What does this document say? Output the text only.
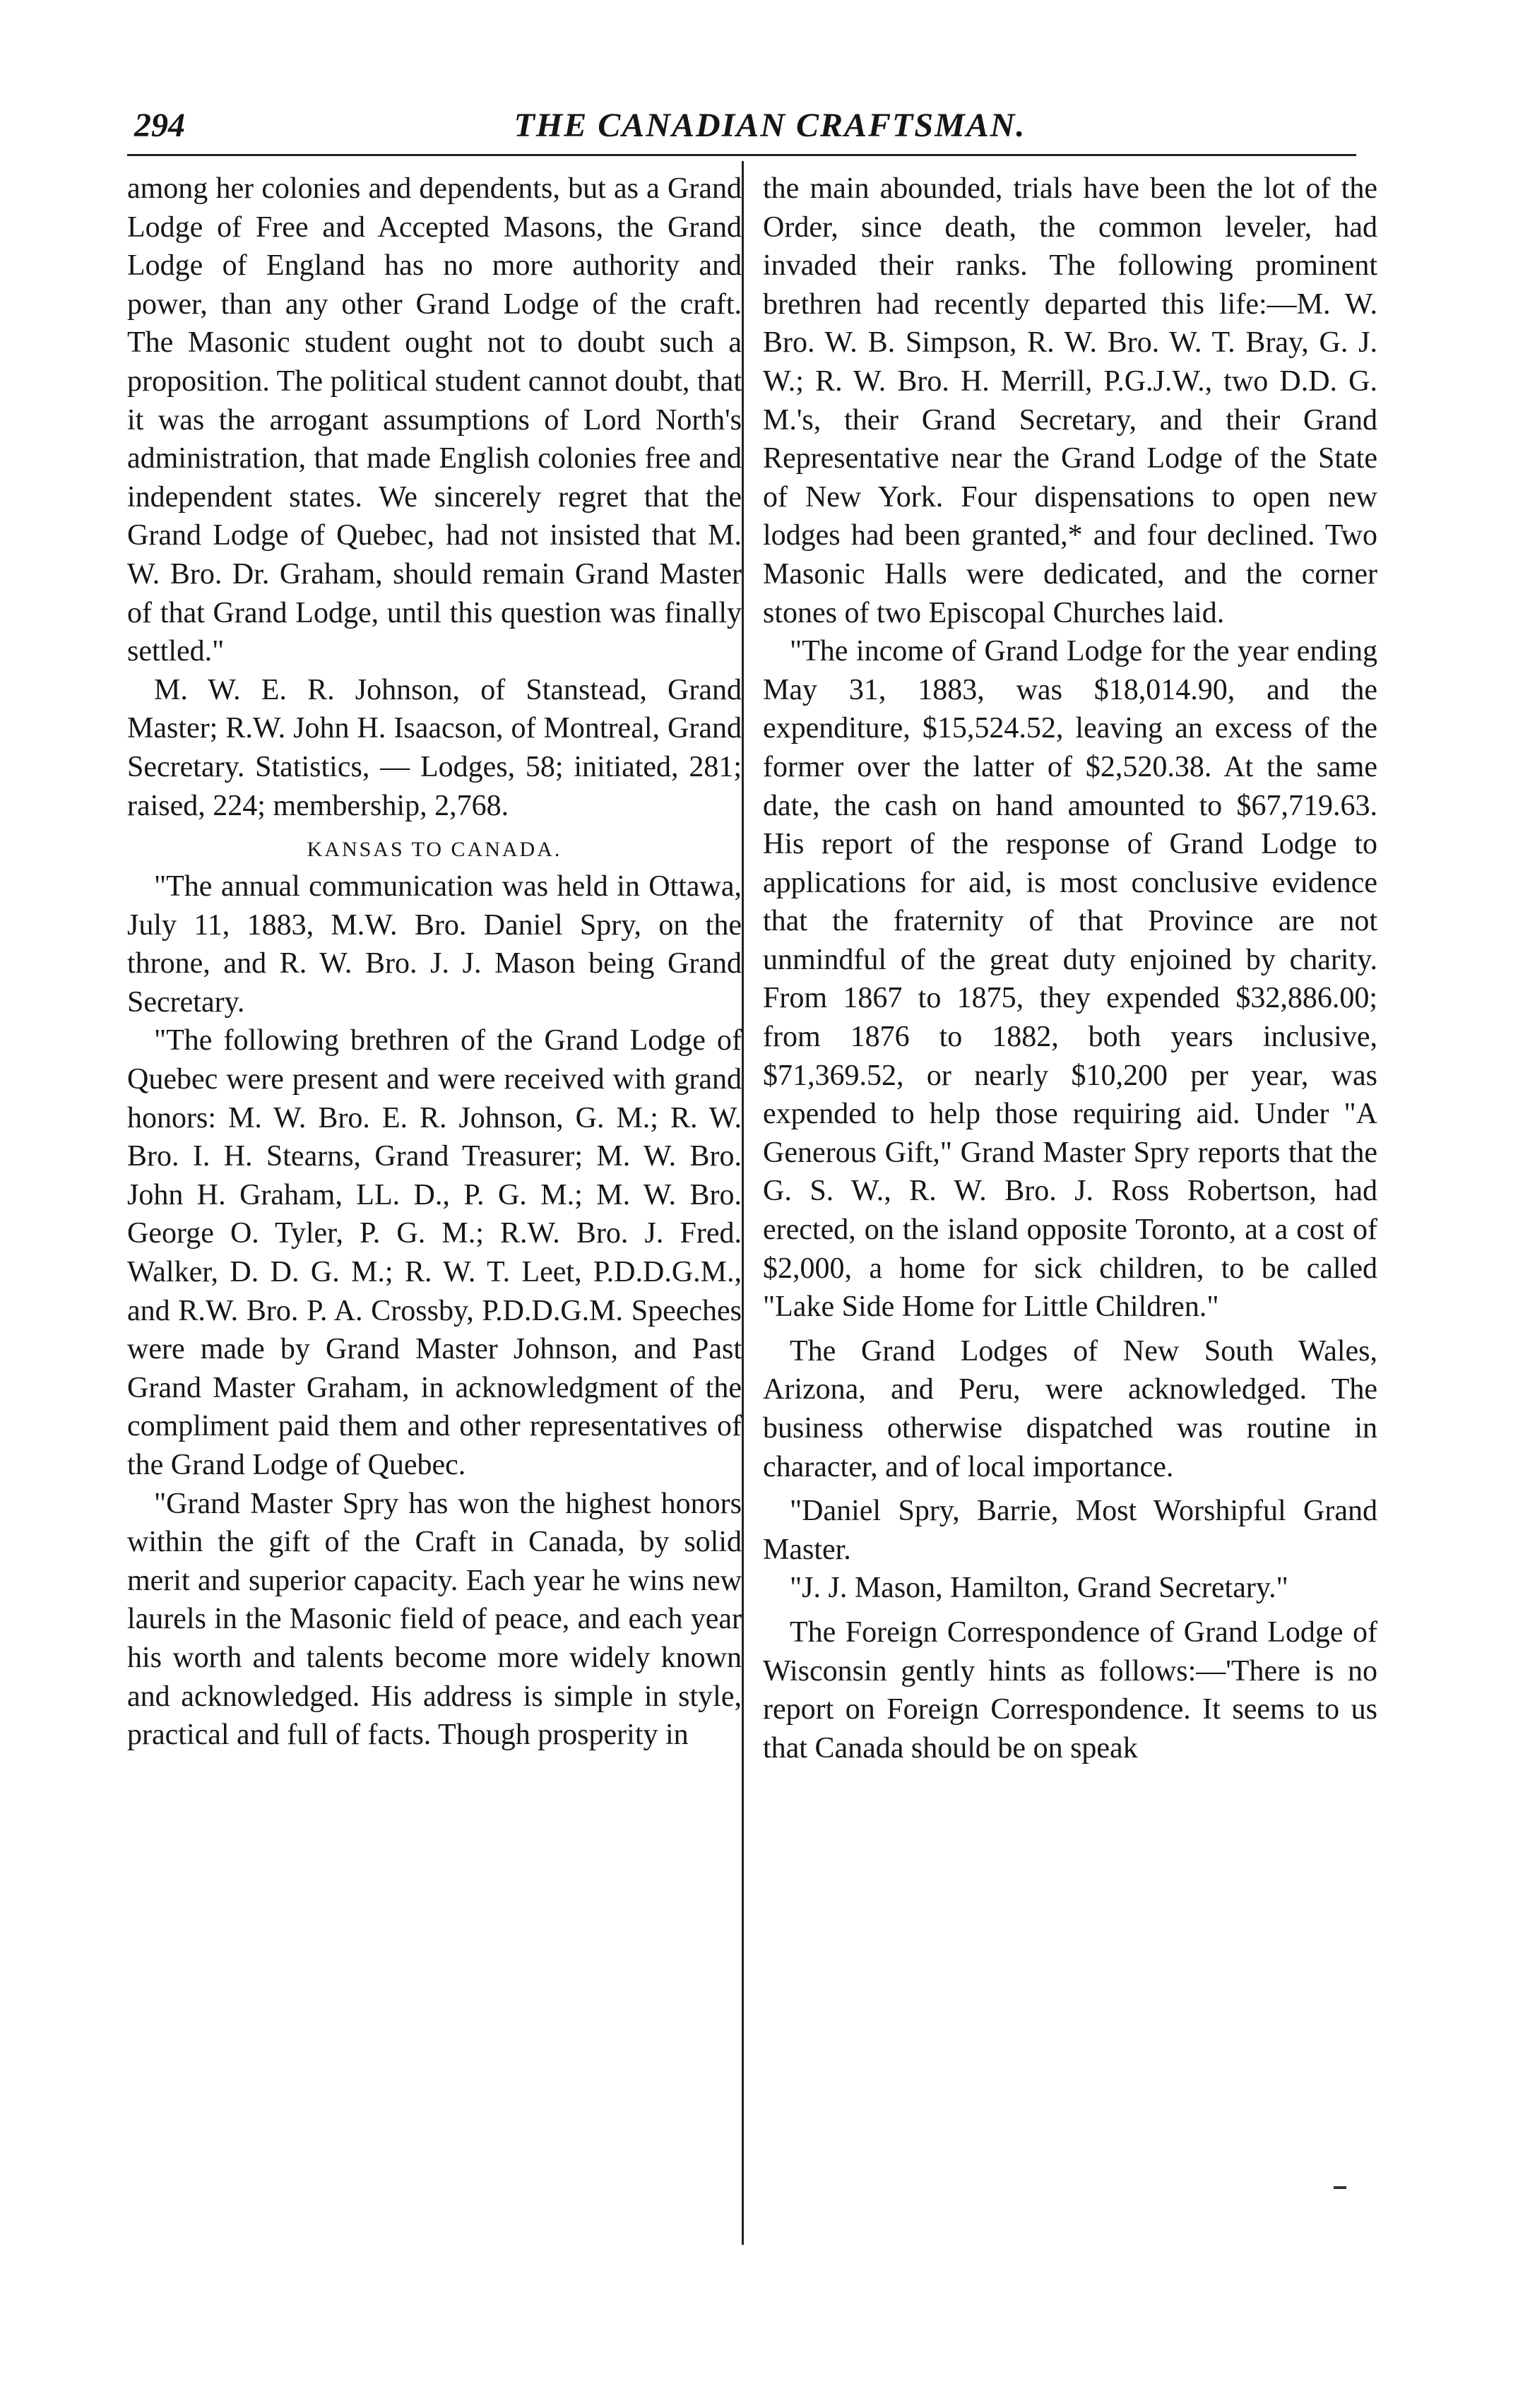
294	THE CANADIAN CRAFTSMAN.

among her colonies and dependents, but as a Grand Lodge of Free and Accepted Masons, the Grand Lodge of England has no more authority and power, than any other Grand Lodge of the craft. The Masonic student ought not to doubt such a proposition. The political student cannot doubt, that it was the arrogant assumptions of Lord North's administration, that made English colonies free and independent states. We sincerely regret that the Grand Lodge of Quebec, had not insisted that M. W. Bro. Dr. Graham, should remain Grand Master of that Grand Lodge, until this question was finally settled."

M. W. E. R. Johnson, of Stanstead, Grand Master; R.W. John H. Isaacson, of Montreal, Grand Secretary. Statistics, — Lodges, 58; initiated, 281; raised, 224; membership, 2,768.

KANSAS TO CANADA.

"The annual communication was held in Ottawa, July 11, 1883, M.W. Bro. Daniel Spry, on the throne, and R. W. Bro. J. J. Mason being Grand Secretary.

"The following brethren of the Grand Lodge of Quebec were present and were received with grand honors: M. W. Bro. E. R. Johnson, G. M.; R. W. Bro. I. H. Stearns, Grand Treasurer; M. W. Bro. John H. Graham, LL. D., P. G. M.; M. W. Bro. George O. Tyler, P. G. M.; R.W. Bro. J. Fred. Walker, D. D. G. M.; R. W. T. Leet, P.D.D.G.M., and R.W. Bro. P. A. Crossby, P.D.D.G.M. Speeches were made by Grand Master Johnson, and Past Grand Master Graham, in acknowledgment of the compliment paid them and other representatives of the Grand Lodge of Quebec.

"Grand Master Spry has won the highest honors within the gift of the Craft in Canada, by solid merit and superior capacity. Each year he wins new laurels in the Masonic field of peace, and each year his worth and talents become more widely known and acknowledged. His address is simple in style, practical and full of facts. Though prosperity in

the main abounded, trials have been the lot of the Order, since death, the common leveler, had invaded their ranks. The following prominent brethren had recently departed this life:—M. W. Bro. W. B. Simpson, R. W. Bro. W. T. Bray, G. J. W.; R. W. Bro. H. Merrill, P.G.J.W., two D.D. G. M.'s, their Grand Secretary, and their Grand Representative near the Grand Lodge of the State of New York. Four dispensations to open new lodges had been granted,* and four declined. Two Masonic Halls were dedicated, and the corner stones of two Episcopal Churches laid.

"The income of Grand Lodge for the year ending May 31, 1883, was $18,014.90, and the expenditure, $15,524.52, leaving an excess of the former over the latter of $2,520.38. At the same date, the cash on hand amounted to $67,719.63. His report of the response of Grand Lodge to applications for aid, is most conclusive evidence that the fraternity of that Province are not unmindful of the great duty enjoined by charity. From 1867 to 1875, they expended $32,886.00; from 1876 to 1882, both years inclusive, $71,369.52, or nearly $10,200 per year, was expended to help those requiring aid. Under "A Generous Gift," Grand Master Spry reports that the G. S. W., R. W. Bro. J. Ross Robertson, had erected, on the island opposite Toronto, at a cost of $2,000, a home for sick children, to be called "Lake Side Home for Little Children."

The Grand Lodges of New South Wales, Arizona, and Peru, were acknowledged. The business otherwise dispatched was routine in character, and of local importance.

"Daniel Spry, Barrie, Most Worshipful Grand Master.

"J. J. Mason, Hamilton, Grand Secretary."

The Foreign Correspondence of Grand Lodge of Wisconsin gently hints as follows:—'There is no report on Foreign Correspondence. It seems to us that Canada should be on speak
